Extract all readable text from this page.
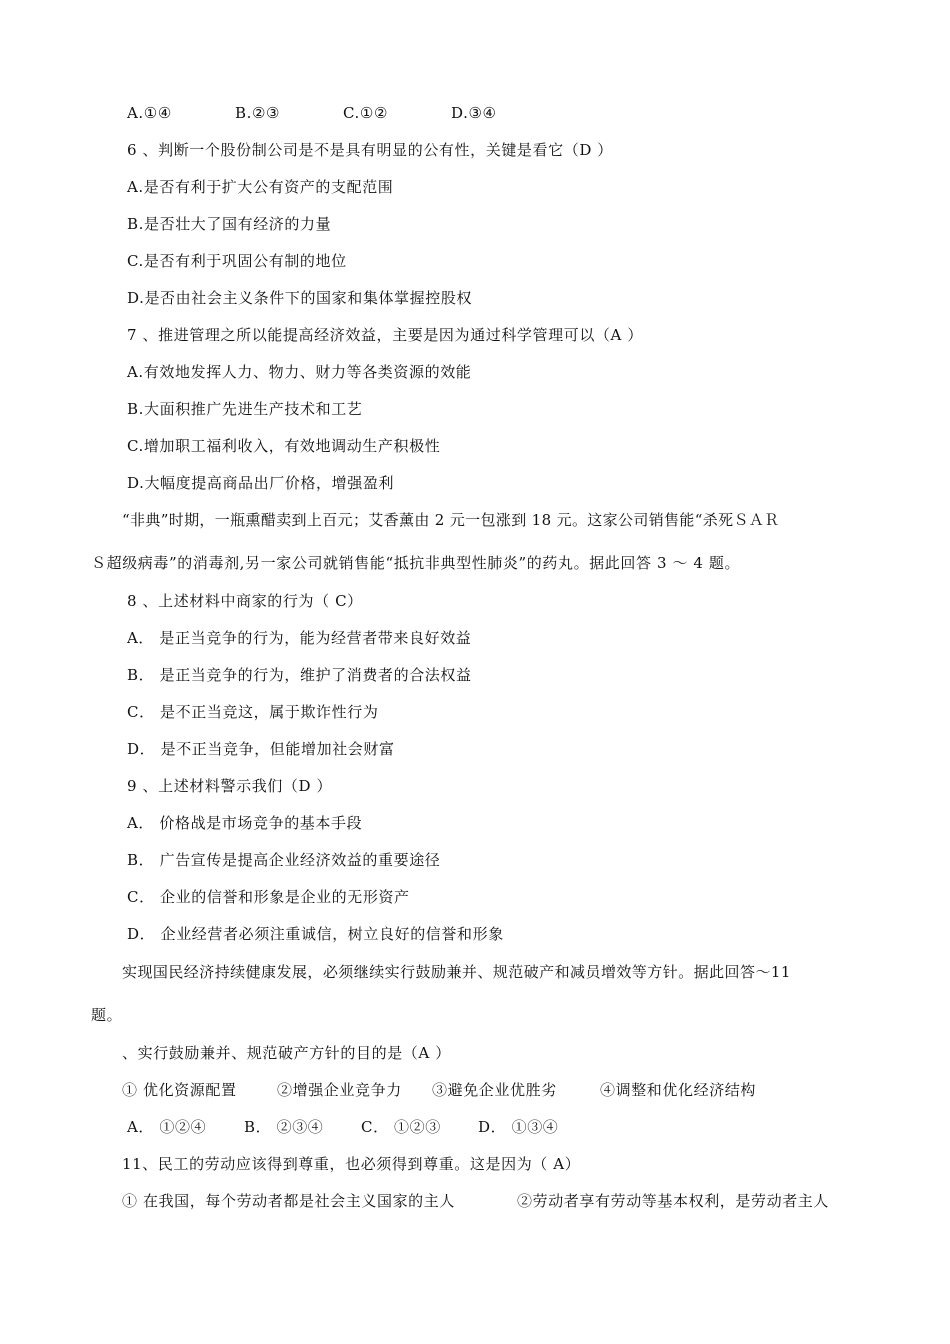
A.①④	B.②③	C.①②	D.③④
6 、判断一个股份制公司是不是具有明显的公有性，关键是看它（D ）
A.是否有利于扩大公有资产的支配范围
B.是否壮大了国有经济的力量
C.是否有利于巩固公有制的地位
D.是否由社会主义条件下的国家和集体掌握控股权
7 、推进管理之所以能提高经济效益，主要是因为通过科学管理可以（A ）
A.有效地发挥人力、物力、财力等各类资源的效能
B.大面积推广先进生产技术和工艺
C.增加职工福利收入，有效地调动生产积极性
D.大幅度提高商品出厂价格，增强盈利
“非典”时期，一瓶熏醋卖到上百元；艾香薰由 2 元一包涨到 18 元。这家公司销售能“杀死ＳＡＲ
Ｓ超级病毒”的消毒剂,另一家公司就销售能“抵抗非典型性肺炎”的药丸。据此回答 3 ～ 4 题。
8 、上述材料中商家的行为（ C）
A． 是正当竞争的行为，能为经营者带来良好效益
B． 是正当竞争的行为，维护了消费者的合法权益
C． 是不正当竞这，属于欺诈性行为
D． 是不正当竞争，但能增加社会财富
9 、上述材料警示我们（D ）
A． 价格战是市场竞争的基本手段
B． 广告宣传是提高企业经济效益的重要途径
C． 企业的信誉和形象是企业的无形资产
D． 企业经营者必须注重诚信，树立良好的信誉和形象
实现国民经济持续健康发展，必须继续实行鼓励兼并、规范破产和减员增效等方针。据此回答～11
题。
、实行鼓励兼并、规范破产方针的目的是（A ）
① 优化资源配置	②增强企业竞争力 ③避免企业优胜劣	④调整和优化经济结构
A． ①②④	B． ②③④	C． ①②③ D． ①③④
11、民工的劳动应该得到尊重，也必须得到尊重。这是因为（ A）
① 在我国，每个劳动者都是社会主义国家的主人	②劳动者享有劳动等基本权利，是劳动者主人
